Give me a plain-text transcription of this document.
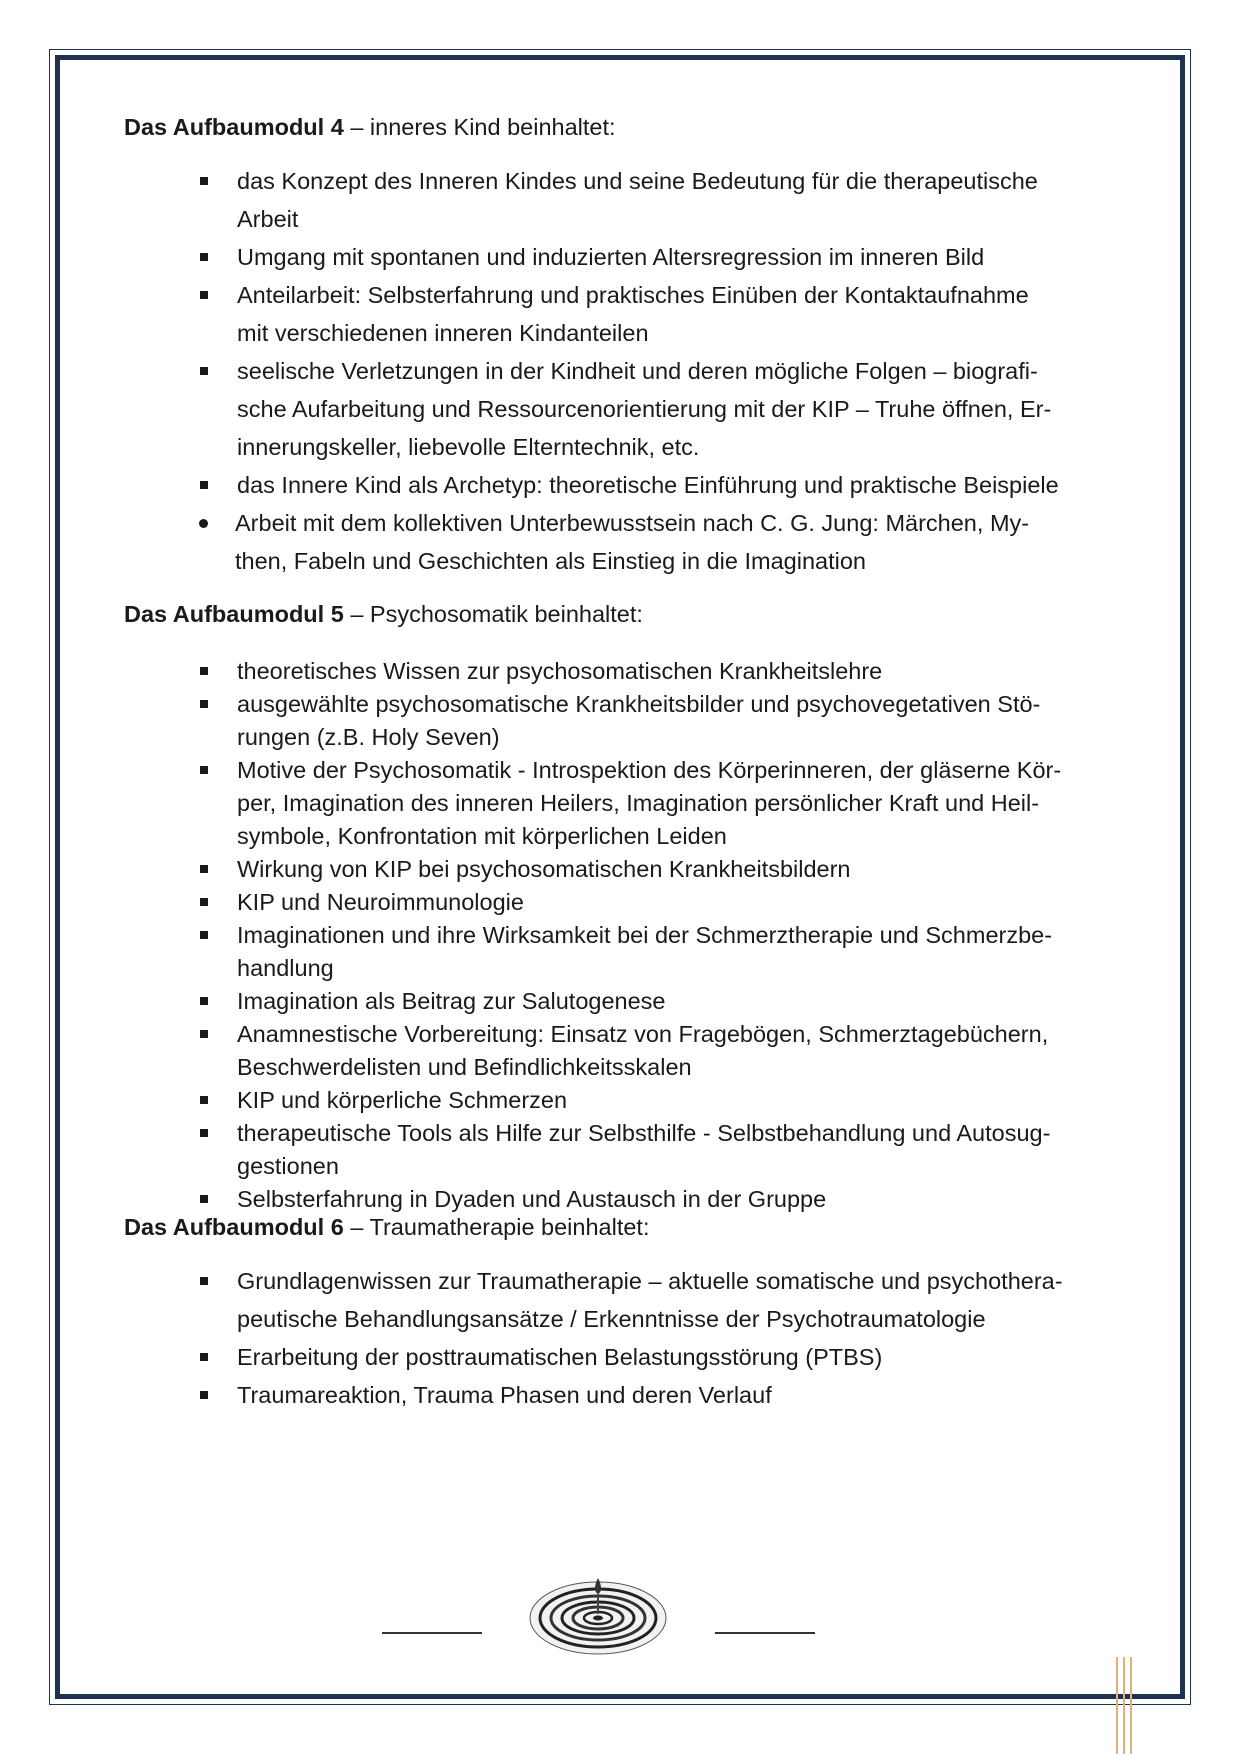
Das Aufbaumodul 4 – inneres Kind beinhaltet:
das Konzept des Inneren Kindes und seine Bedeutung für die therapeutische
Arbeit
Umgang mit spontanen und induzierten Altersregression im inneren Bild
Anteilarbeit: Selbsterfahrung und praktisches Einüben der Kontaktaufnahme
mit verschiedenen inneren Kindanteilen
seelische Verletzungen in der Kindheit und deren mögliche Folgen – biografi-
sche Aufarbeitung und Ressourcenorientierung mit der KIP – Truhe öffnen, Er-
innerungskeller, liebevolle Elterntechnik, etc.
das Innere Kind als Archetyp: theoretische Einführung und praktische Beispiele
Arbeit mit dem kollektiven Unterbewusstsein nach C. G. Jung: Märchen, My-
then, Fabeln und Geschichten als Einstieg in die Imagination
Das Aufbaumodul 5 – Psychosomatik beinhaltet:
theoretisches Wissen zur psychosomatischen Krankheitslehre
ausgewählte psychosomatische Krankheitsbilder und psychovegetativen Stö-
rungen (z.B. Holy Seven)
Motive der Psychosomatik - Introspektion des Körperinneren, der gläserne Kör-
per, Imagination des inneren Heilers, Imagination persönlicher Kraft und Heil-
symbole, Konfrontation mit körperlichen Leiden
Wirkung von KIP bei psychosomatischen Krankheitsbildern
KIP und Neuroimmunologie
Imaginationen und ihre Wirksamkeit bei der Schmerztherapie und Schmerzbe-
handlung
Imagination als Beitrag zur Salutogenese
Anamnestische Vorbereitung: Einsatz von Fragebögen, Schmerztagebüchern,
Beschwerdelisten und Befindlichkeitsskalen
KIP und körperliche Schmerzen
therapeutische Tools als Hilfe zur Selbsthilfe - Selbstbehandlung und Autosug-
gestionen
Selbsterfahrung in Dyaden und Austausch in der Gruppe
Das Aufbaumodul 6 – Traumatherapie beinhaltet:
Grundlagenwissen zur Traumatherapie – aktuelle somatische und psychothera-
peutische Behandlungsansätze / Erkenntnisse der Psychotraumatologie
Erarbeitung der posttraumatischen Belastungsstörung (PTBS)
Traumareaktion, Trauma Phasen und deren Verlauf
